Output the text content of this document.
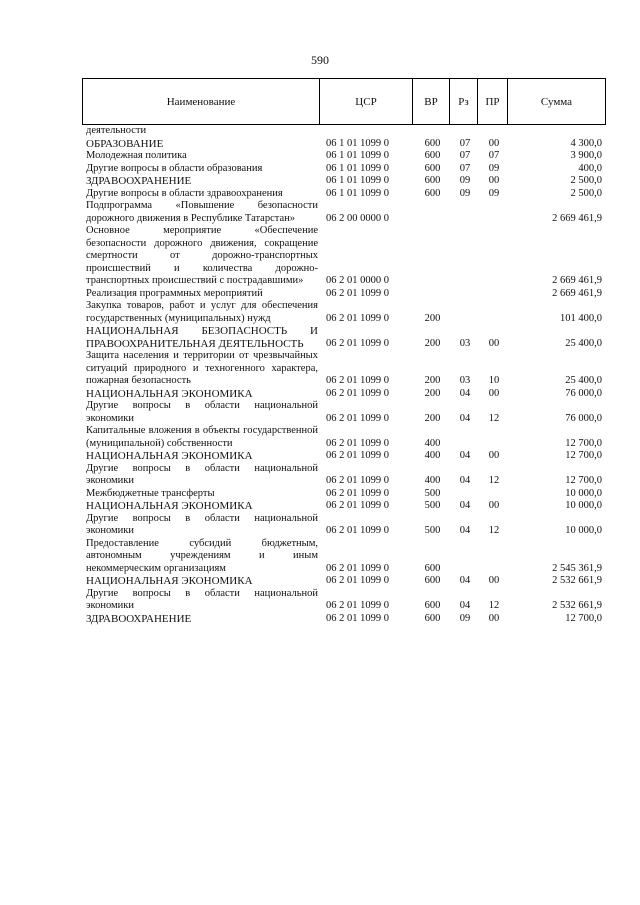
590
Наименование	ЦСР	ВР	Рз	ПР	Сумма
деятельности
ОБРАЗОВАНИЕ	06 1 01 1099 0	600	07	00	4 300,0
Молодежная политика	06 1 01 1099 0	600	07	07	3 900,0
Другие вопросы в области образования	06 1 01 1099 0	600	07	09	400,0
ЗДРАВООХРАНЕНИЕ	06 1 01 1099 0	600	09	00	2 500,0
Другие вопросы в области здравоохранения	06 1 01 1099 0	600	09	09	2 500,0
Подпрограмма «Повышение безопасности дорожного движения в Республике Татарстан»	06 2 00 0000 0	2 669 461,9
Основное мероприятие «Обеспечение безопасности дорожного движения, сокращение смертности от дорожно-транспортных происшествий и количества дорожно-транспортных происшествий с пострадавшими»	06 2 01 0000 0	2 669 461,9
Реализация программных мероприятий	06 2 01 1099 0	2 669 461,9
Закупка товаров, работ и услуг для обеспечения государственных (муниципальных) нужд	06 2 01 1099 0	200	101 400,0
НАЦИОНАЛЬНАЯ БЕЗОПАСНОСТЬ И ПРАВООХРАНИТЕЛЬНАЯ ДЕЯТЕЛЬНОСТЬ	06 2 01 1099 0	200	03	00	25 400,0
Защита населения и территории от чрезвычайных ситуаций природного и техногенного характера, пожарная безопасность	06 2 01 1099 0	200	03	10	25 400,0
НАЦИОНАЛЬНАЯ ЭКОНОМИКА	06 2 01 1099 0	200	04	00	76 000,0
Другие вопросы в области национальной экономики	06 2 01 1099 0	200	04	12	76 000,0
Капитальные вложения в объекты государственной (муниципальной) собственности	06 2 01 1099 0	400	12 700,0
НАЦИОНАЛЬНАЯ ЭКОНОМИКА	06 2 01 1099 0	400	04	00	12 700,0
Другие вопросы в области национальной экономики	06 2 01 1099 0	400	04	12	12 700,0
Межбюджетные трансферты	06 2 01 1099 0	500	10 000,0
НАЦИОНАЛЬНАЯ ЭКОНОМИКА	06 2 01 1099 0	500	04	00	10 000,0
Другие вопросы в области национальной экономики	06 2 01 1099 0	500	04	12	10 000,0
Предоставление субсидий бюджетным, автономным учреждениям и иным некоммерческим организациям	06 2 01 1099 0	600	2 545 361,9
НАЦИОНАЛЬНАЯ ЭКОНОМИКА	06 2 01 1099 0	600	04	00	2 532 661,9
Другие вопросы в области национальной экономики	06 2 01 1099 0	600	04	12	2 532 661,9
ЗДРАВООХРАНЕНИЕ	06 2 01 1099 0	600	09	00	12 700,0
